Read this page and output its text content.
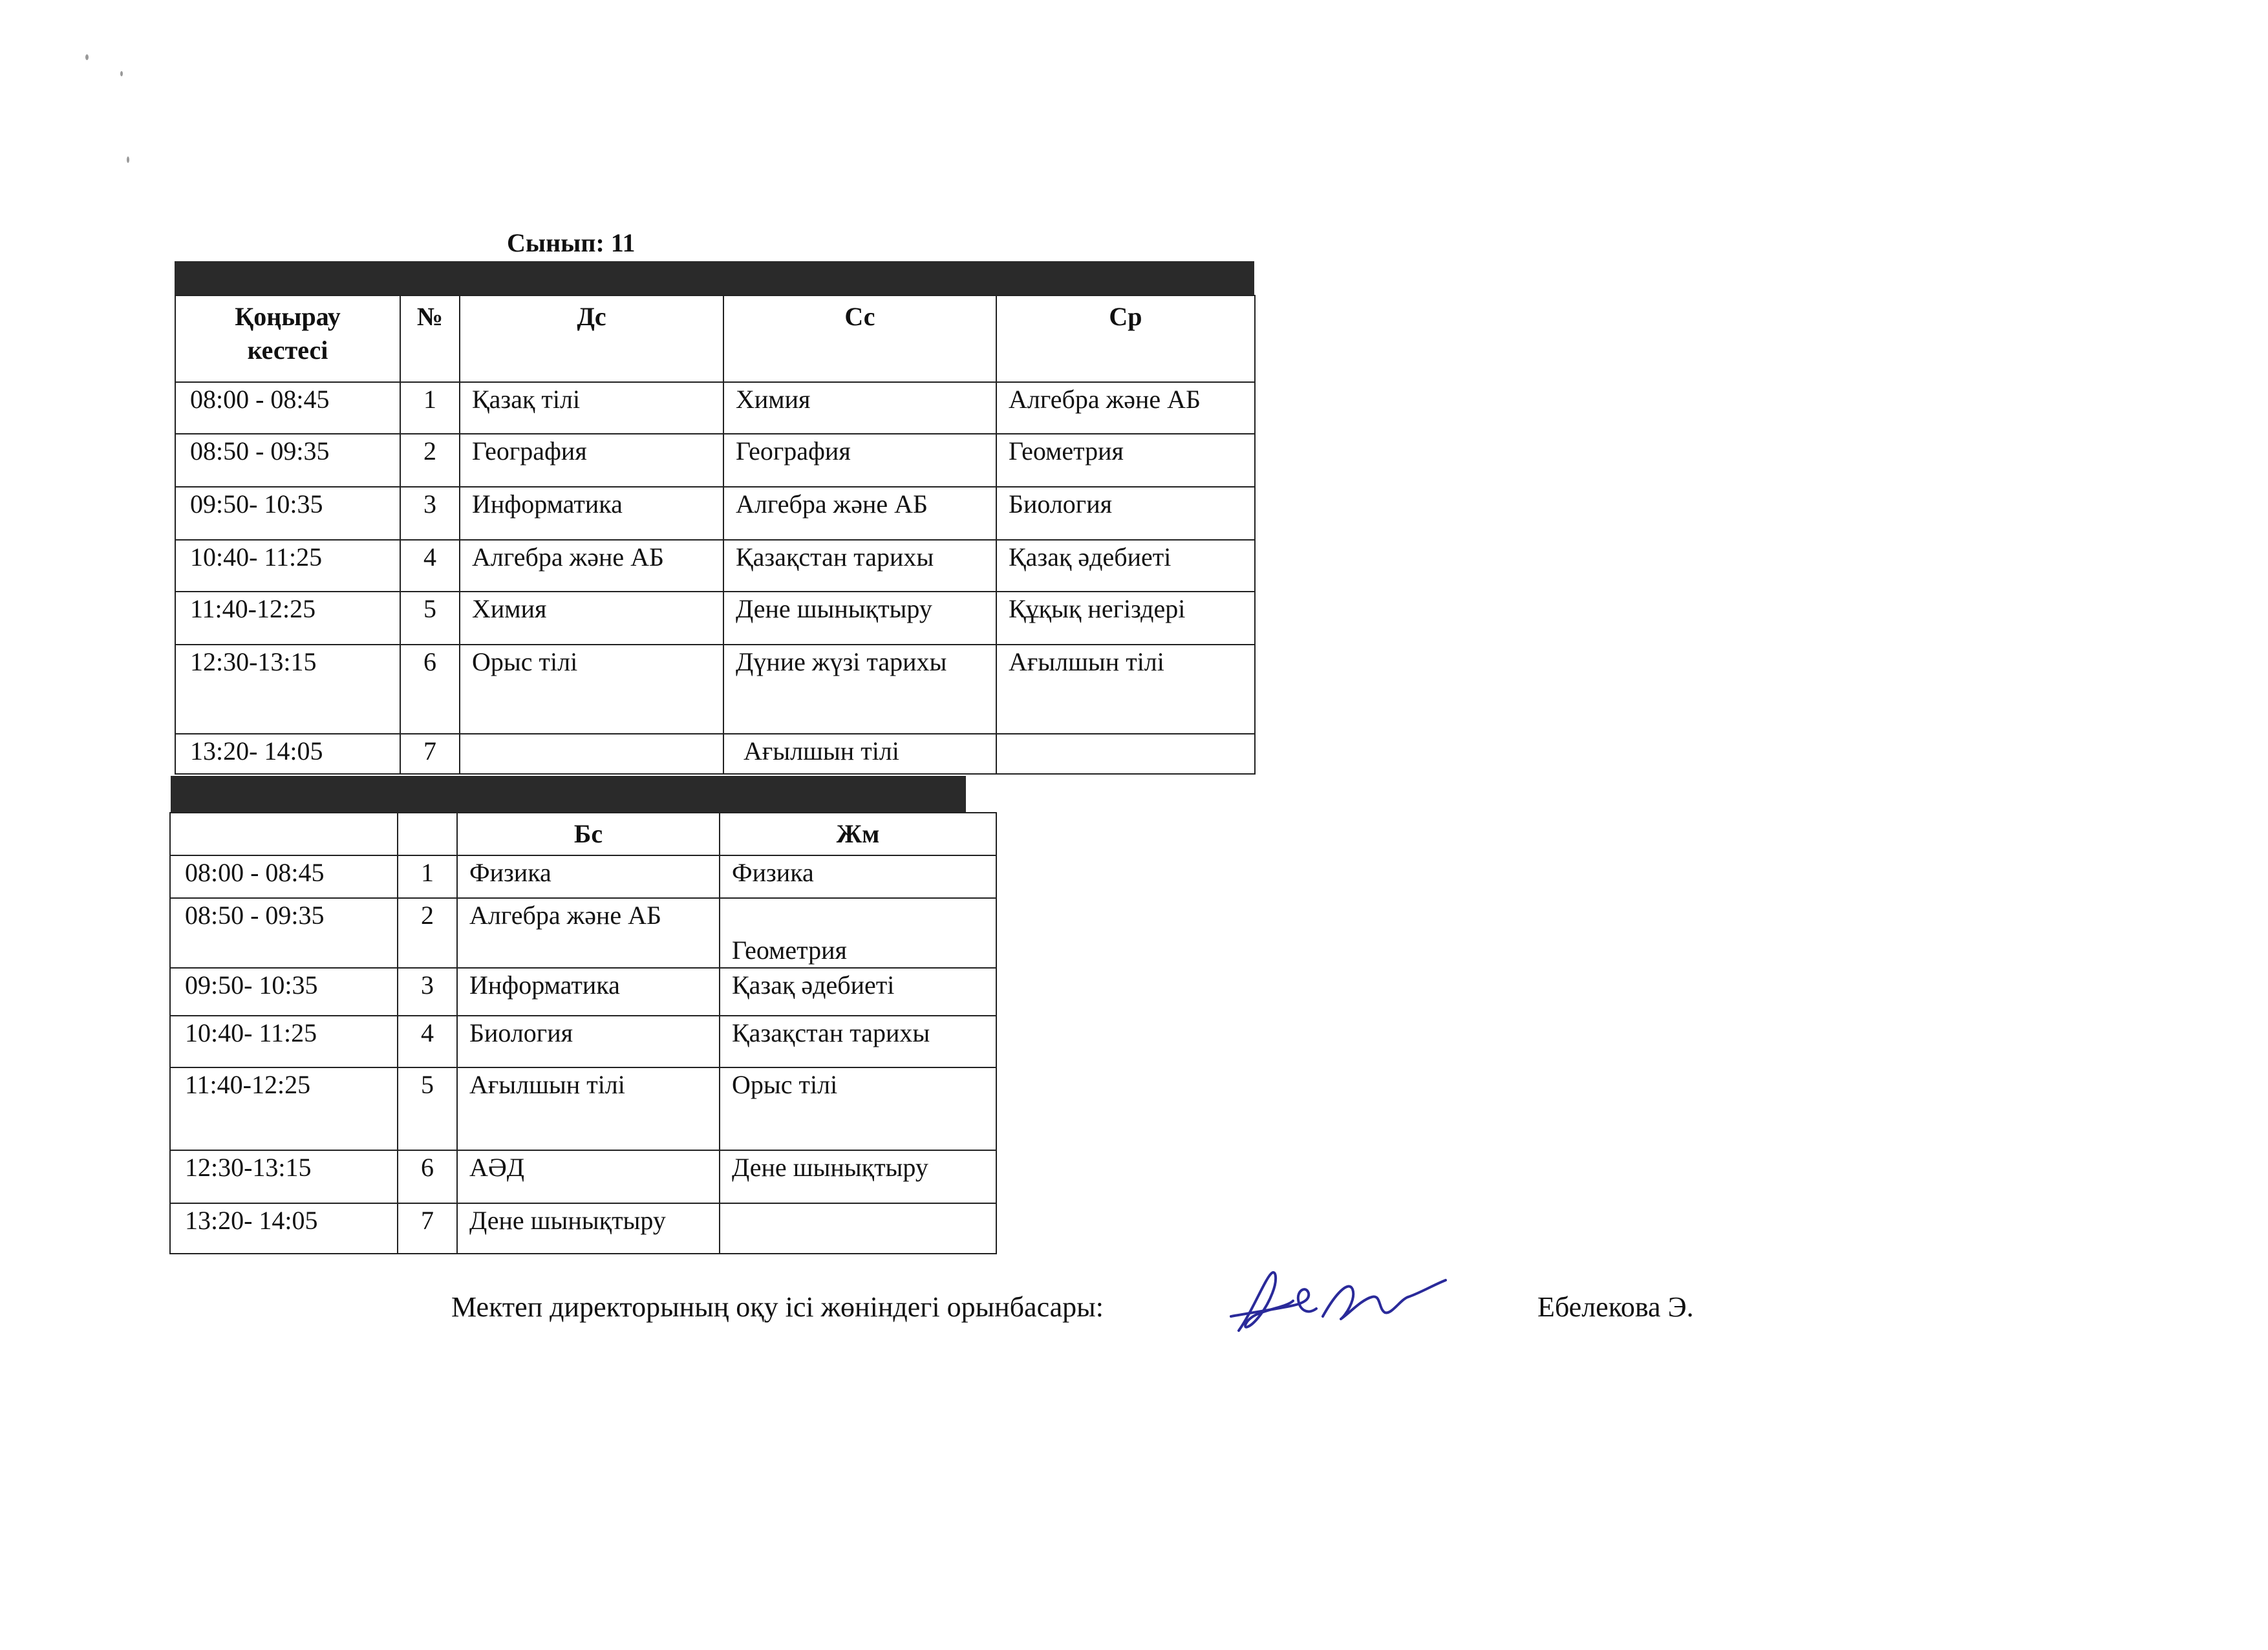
Сынып: 11
Қоңырау кестесі	№	Дс	Сс	Ср
08:00 - 08:45	1	Қазақ тілі	Химия	Алгебра және АБ
08:50 - 09:35	2	География	География	Геометрия
09:50- 10:35	3	Информатика	Алгебра және АБ	Биология
10:40- 11:25	4	Алгебра және АБ	Қазақстан тарихы	Қазақ әдебиеті
11:40-12:25	5	Химия	Дене шынықтыру	Құқық негіздері
12:30-13:15	6	Орыс тілі	Дүние жүзі тарихы	Ағылшын тілі
13:20- 14:05	7		Ағылшын тілі	
		Бс	Жм
08:00 - 08:45	1	Физика	Физика
08:50 - 09:35	2	Алгебра және АБ	Геометрия
09:50- 10:35	3	Информатика	Қазақ әдебиеті
10:40- 11:25	4	Биология	Қазақстан тарихы
11:40-12:25	5	Ағылшын тілі	Орыс тілі
12:30-13:15	6	АӘД	Дене шынықтыру
13:20- 14:05	7	Дене шынықтыру	
Мектеп директорының оқу ісі жөніндегі орынбасары:	Ебелекова Э.
